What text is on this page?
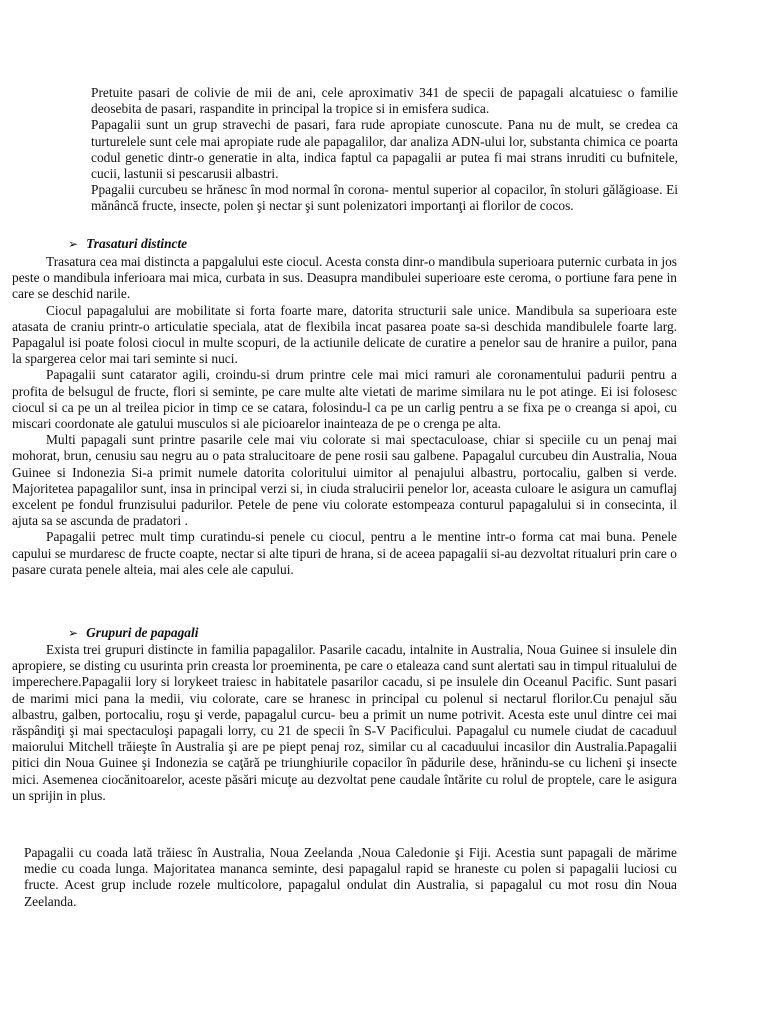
Pretuite pasari de colivie de mii de ani, cele aproximativ 341 de specii de papagali alcatuiesc o familie deosebita de pasari, raspandite in principal la tropice si in emisfera sudica.

Papagalii sunt un grup stravechi de pasari, fara rude apropiate cunoscute. Pana nu de mult, se credea ca turturelele sunt cele mai apropiate rude ale papagalilor, dar analiza ADN-ului lor, substanta chimica ce poarta codul genetic dintr-o generatie in alta, indica faptul ca papagalii ar putea fi mai strans inruditi cu bufnitele, cucii, lastunii si pescarusii albastri.

Ppagalii curcubeu se hrănesc în mod normal în corona- mentul superior al copacilor, în stoluri gălăgioase. Ei mănâncă fructe, insecte, polen şi nectar şi sunt polenizatori importanţi ai florilor de cocos.

➢ Trasaturi distincte

Trasatura cea mai distincta a papgalului este ciocul. Acesta consta dinr-o mandibula superioara puternic curbata in jos peste o mandibula inferioara mai mica, curbata in sus. Deasupra mandibulei superioare este ceroma, o portiune fara pene in care se deschid narile.

Ciocul papagalului are mobilitate si forta foarte mare, datorita structurii sale unice. Mandibula sa superioara este atasata de craniu printr-o articulatie speciala, atat de flexibila incat pasarea poate sa-si deschida mandibulele foarte larg. Papagalul isi poate folosi ciocul in multe scopuri, de la actiunile delicate de curatire a penelor sau de hranire a puilor, pana la spargerea celor mai tari seminte si nuci.

Papagalii sunt catarator agili, croindu-si drum printre cele mai mici ramuri ale coronamentului padurii pentru a profita de belsugul de fructe, flori si seminte, pe care multe alte vietati de marime similara nu le pot atinge. Ei isi folosesc ciocul si ca pe un al treilea picior in timp ce se catara, folosindu-l ca pe un carlig pentru a se fixa pe o creanga si apoi, cu miscari coordonate ale gatului musculos si ale picioarelor inainteaza de pe o crenga pe alta.

Multi papagali sunt printre pasarile cele mai viu colorate si mai spectaculoase, chiar si speciile cu un penaj mai mohorat, brun, cenusiu sau negru au o pata stralucitoare de pene rosii sau galbene. Papagalul curcubeu din Australia, Noua Guinee si Indonezia Si-a primit numele datorita coloritului uimitor al penajului albastru, portocaliu, galben si verde. Majoritetea papagalilor sunt, insa in principal verzi si, in ciuda stralucirii penelor lor, aceasta culoare le asigura un camuflaj excelent pe fondul frunzisului padurilor. Petele de pene viu colorate estompeaza conturul papagalului si in consecinta, il ajuta sa se ascunda de pradatori .

Papagalii petrec mult timp curatindu-si penele cu ciocul, pentru a le mentine intr-o forma cat mai buna. Penele capului se murdaresc de fructe coapte, nectar si alte tipuri de hrana, si de aceea papagalii si-au dezvoltat ritualuri prin care o pasare curata penele alteia, mai ales cele ale capului.

➢ Grupuri de papagali

Exista trei grupuri distincte in familia papagalilor. Pasarile cacadu, intalnite in Australia, Noua Guinee si insulele din apropiere, se disting cu usurinta prin creasta lor proeminenta, pe care o etaleaza cand sunt alertati sau in timpul ritualului de imperechere.Papagalii lory si lorykeet traiesc in habitatele pasarilor cacadu, si pe insulele din Oceanul Pacific. Sunt pasari de marimi mici pana la medii, viu colorate, care se hranesc in principal cu polenul si nectarul florilor.Cu penajul său albastru, galben, portocaliu, roşu şi verde, papagalul curcu- beu a primit un nume potrivit. Acesta este unul dintre cei mai răspândiţi şi mai spectaculoşi papagali lorry, cu 21 de specii în S-V Pacificului. Papagalul cu numele ciudat de cacaduul maiorului Mitchell trăieşte în Australia şi are pe piept penaj roz, similar cu al cacaduului incasilor din Australia.Papagalii pitici din Noua Guinee şi Indonezia se caţără pe triunghiurile copacilor în pădurile dese, hrănindu-se cu licheni şi insecte mici. Asemenea ciocănitoarelor, aceste păsări micuţe au dezvoltat pene caudale întărite cu rolul de proptele, care le asigura un sprijin in plus.

Papagalii cu coada lată trăiesc în Australia, Noua Zeelanda ,Noua Caledonie şi Fiji. Acestia sunt papagali de mărime medie cu coada lunga. Majoritatea mananca seminte, desi papagalul rapid se hraneste cu polen si papagalii luciosi cu fructe. Acest grup include rozele multicolore, papagalul ondulat din Australia, si papagalul cu mot rosu din Noua Zeelanda.
